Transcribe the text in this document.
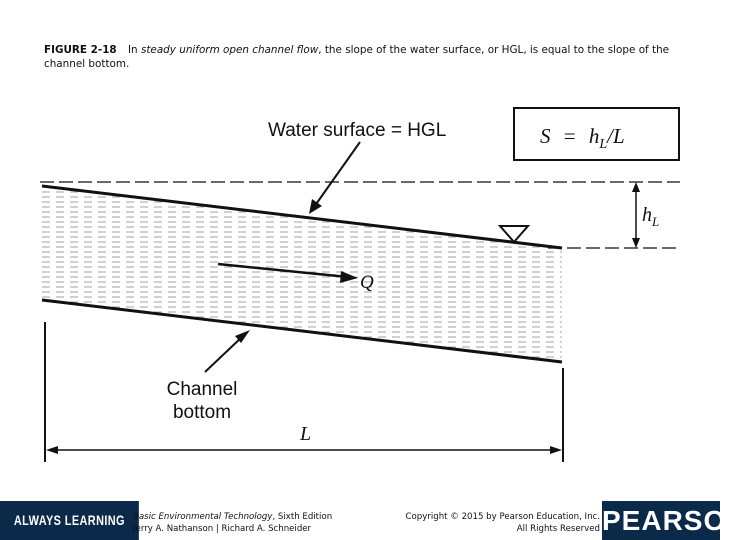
FIGURE 2-18 In steady uniform open channel flow, the slope of the water surface, or HGL, is equal to the slope of the channel bottom.
Water surface = HGL	$S = h_L/L$
$h_L$
Q
Channel
bottom
L
ALWAYS LEARNING Basic Environmental Technology, Sixth Edition
Jerry A. Nathanson | Richard A. Schneider
Copyright © 2015 by Pearson Education, Inc.
All Rights Reserved PEARSON
